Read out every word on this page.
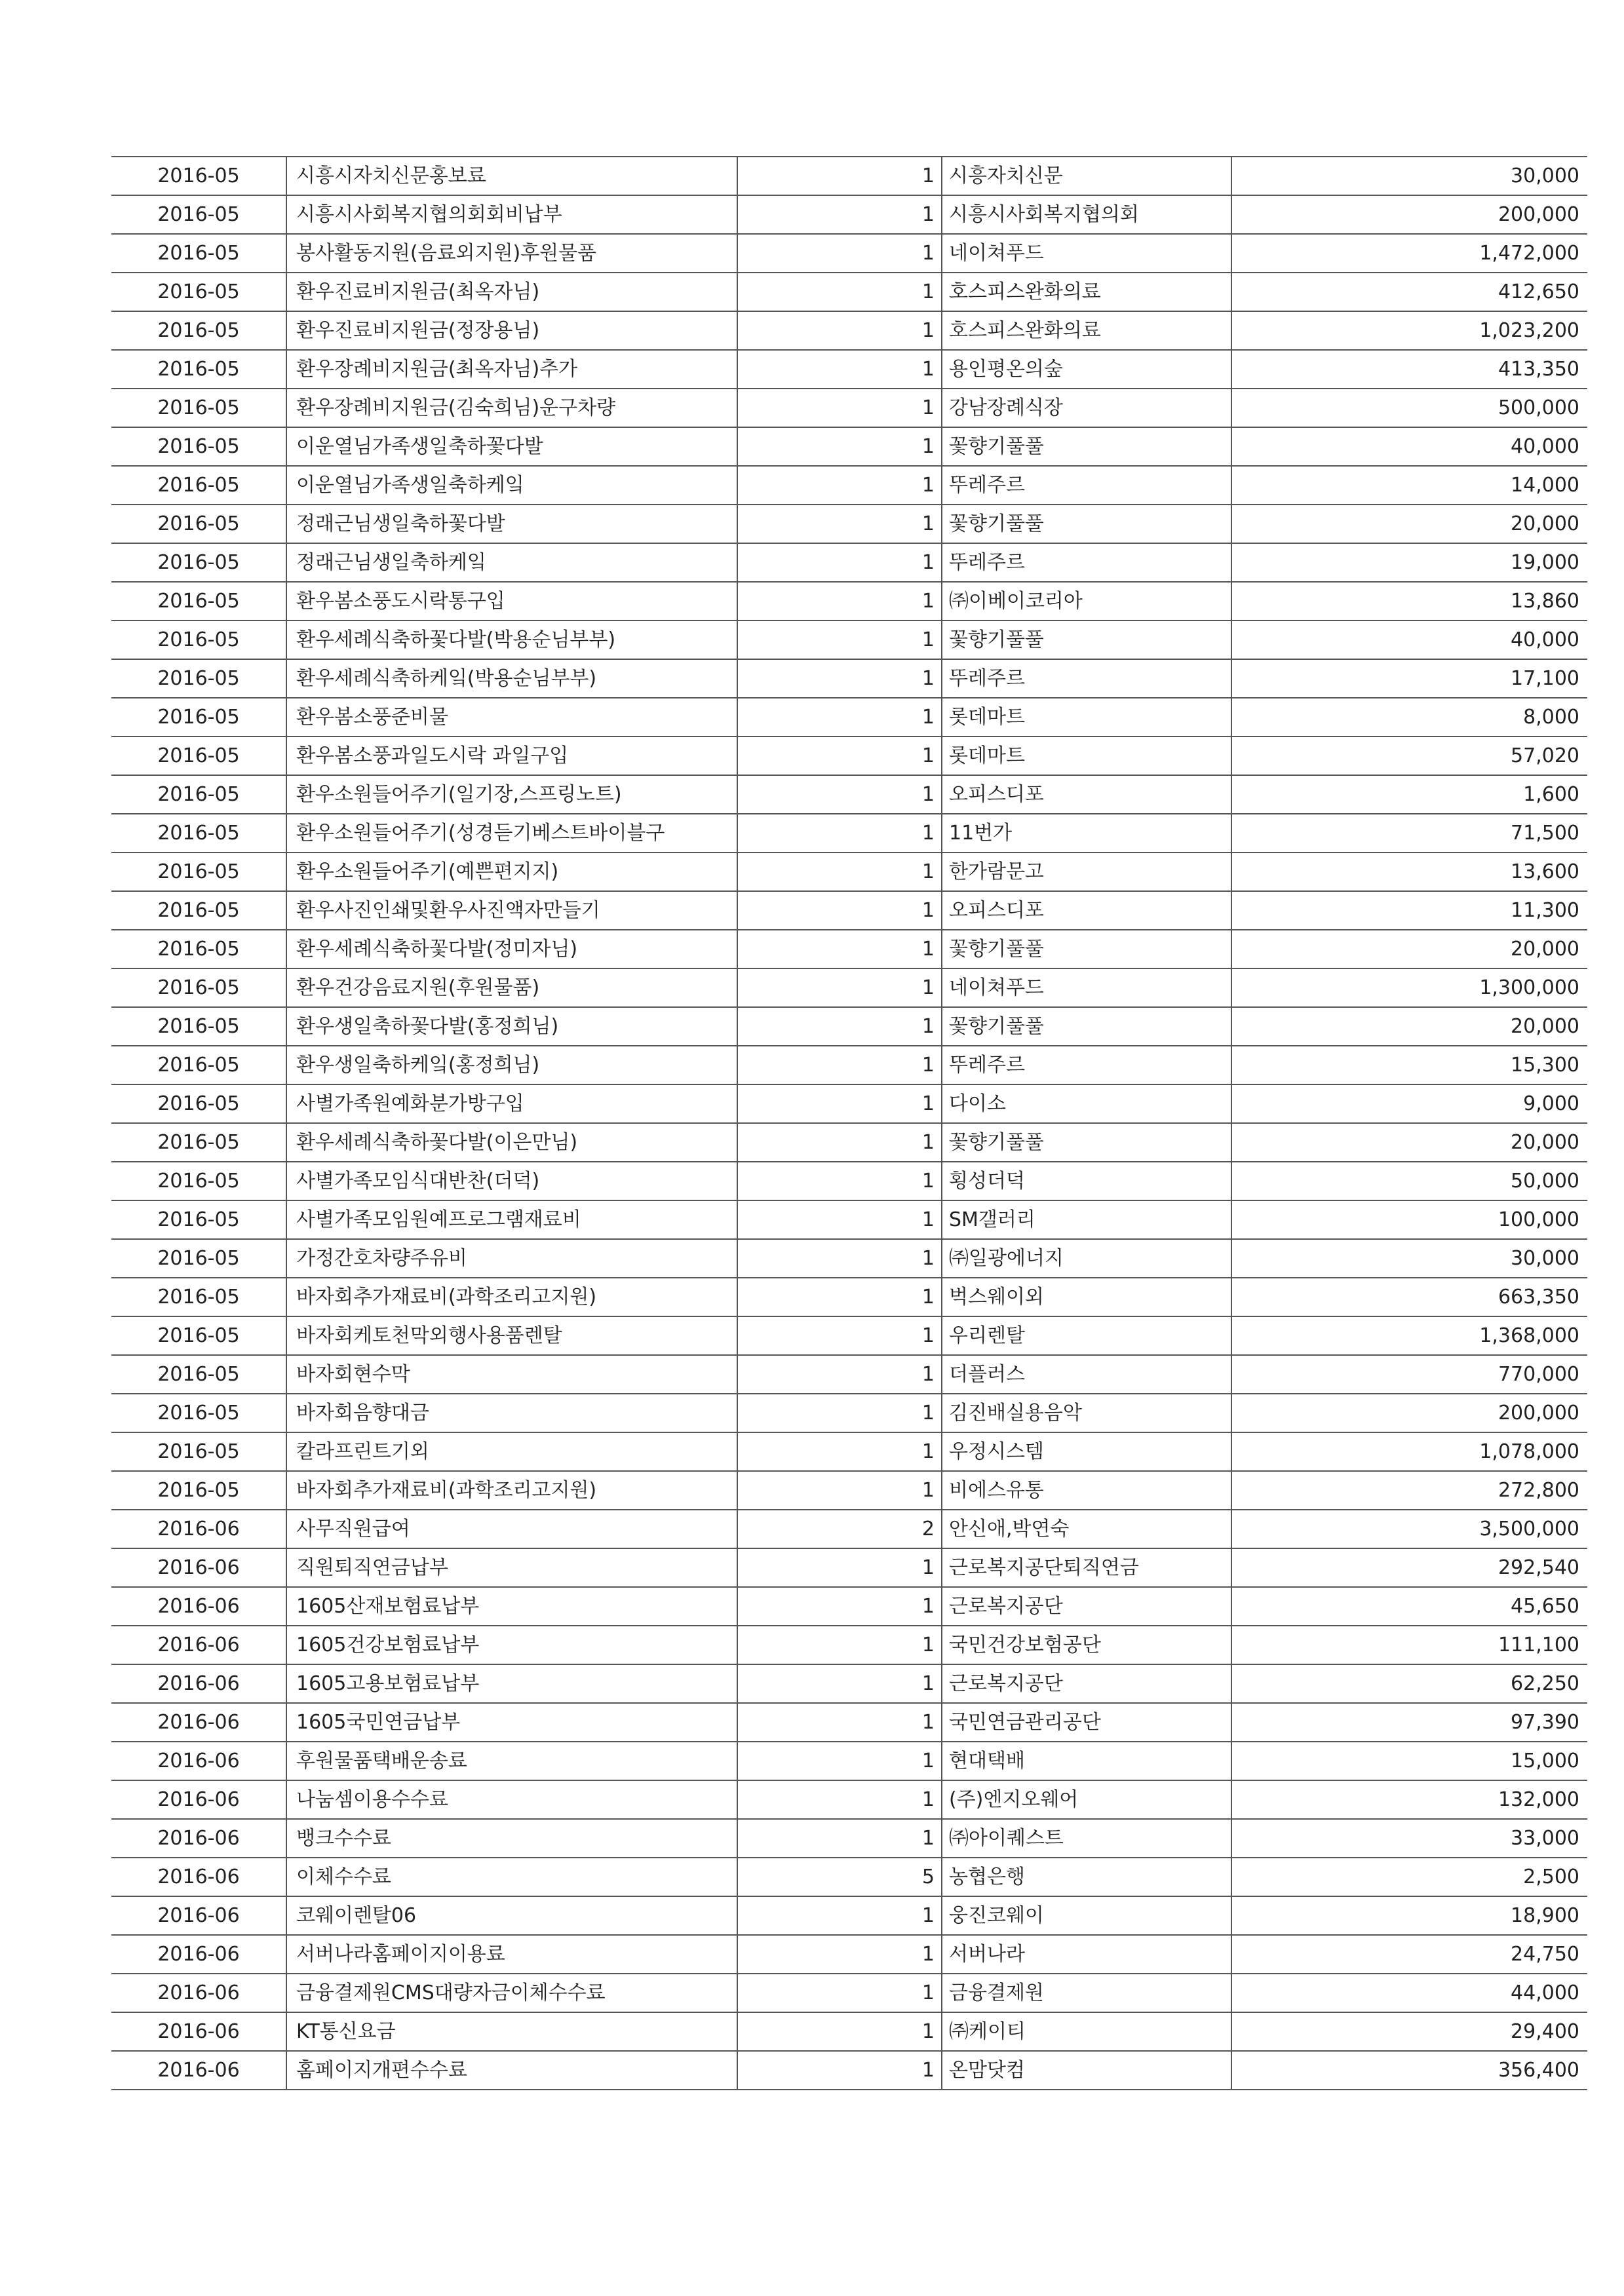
2016-05	시흥시자치신문홍보료	1	시흥자치신문	30,000
2016-05	시흥시사회복지협의회회비납부	1	시흥시사회복지협의회	200,000
2016-05	봉사활동지원(음료외지원)후원물품	1	네이쳐푸드	1,472,000
2016-05	환우진료비지원금(최옥자님)	1	호스피스완화의료	412,650
2016-05	환우진료비지원금(정장용님)	1	호스피스완화의료	1,023,200
2016-05	환우장례비지원금(최옥자님)추가	1	용인평온의숲	413,350
2016-05	환우장례비지원금(김숙희님)운구차량	1	강남장례식장	500,000
2016-05	이운열님가족생일축하꽃다발	1	꽃향기풀풀	40,000
2016-05	이운열님가족생일축하케잌	1	뚜레주르	14,000
2016-05	정래근님생일축하꽃다발	1	꽃향기풀풀	20,000
2016-05	정래근님생일축하케잌	1	뚜레주르	19,000
2016-05	환우봄소풍도시락통구입	1	㈜이베이코리아	13,860
2016-05	환우세례식축하꽃다발(박용순님부부)	1	꽃향기풀풀	40,000
2016-05	환우세례식축하케잌(박용순님부부)	1	뚜레주르	17,100
2016-05	환우봄소풍준비물	1	롯데마트	8,000
2016-05	환우봄소풍과일도시락 과일구입	1	롯데마트	57,020
2016-05	환우소원들어주기(일기장,스프링노트)	1	오피스디포	1,600
2016-05	환우소원들어주기(성경듣기베스트바이블구	1	11번가	71,500
2016-05	환우소원들어주기(예쁜편지지)	1	한가람문고	13,600
2016-05	환우사진인쇄및환우사진액자만들기	1	오피스디포	11,300
2016-05	환우세례식축하꽃다발(정미자님)	1	꽃향기풀풀	20,000
2016-05	환우건강음료지원(후원물품)	1	네이쳐푸드	1,300,000
2016-05	환우생일축하꽃다발(홍정희님)	1	꽃향기풀풀	20,000
2016-05	환우생일축하케잌(홍정희님)	1	뚜레주르	15,300
2016-05	사별가족원예화분가방구입	1	다이소	9,000
2016-05	환우세례식축하꽃다발(이은만님)	1	꽃향기풀풀	20,000
2016-05	사별가족모임식대반찬(더덕)	1	횡성더덕	50,000
2016-05	사별가족모임원예프로그램재료비	1	SM갤러리	100,000
2016-05	가정간호차량주유비	1	㈜일광에너지	30,000
2016-05	바자회추가재료비(과학조리고지원)	1	벅스웨이외	663,350
2016-05	바자회케토천막외행사용품렌탈	1	우리렌탈	1,368,000
2016-05	바자회현수막	1	더플러스	770,000
2016-05	바자회음향대금	1	김진배실용음악	200,000
2016-05	칼라프린트기외	1	우정시스템	1,078,000
2016-05	바자회추가재료비(과학조리고지원)	1	비에스유통	272,800
2016-06	사무직원급여	2	안신애,박연숙	3,500,000
2016-06	직원퇴직연금납부	1	근로복지공단퇴직연금	292,540
2016-06	1605산재보험료납부	1	근로복지공단	45,650
2016-06	1605건강보험료납부	1	국민건강보험공단	111,100
2016-06	1605고용보험료납부	1	근로복지공단	62,250
2016-06	1605국민연금납부	1	국민연금관리공단	97,390
2016-06	후원물품택배운송료	1	현대택배	15,000
2016-06	나눔셈이용수수료	1	(주)엔지오웨어	132,000
2016-06	뱅크수수료	1	㈜아이퀘스트	33,000
2016-06	이체수수료	5	농협은행	2,500
2016-06	코웨이렌탈06	1	웅진코웨이	18,900
2016-06	서버나라홈페이지이용료	1	서버나라	24,750
2016-06	금융결제원CMS대량자금이체수수료	1	금융결제원	44,000
2016-06	KT통신요금	1	㈜케이티	29,400
2016-06	홈페이지개편수수료	1	온맘닷컴	356,400
